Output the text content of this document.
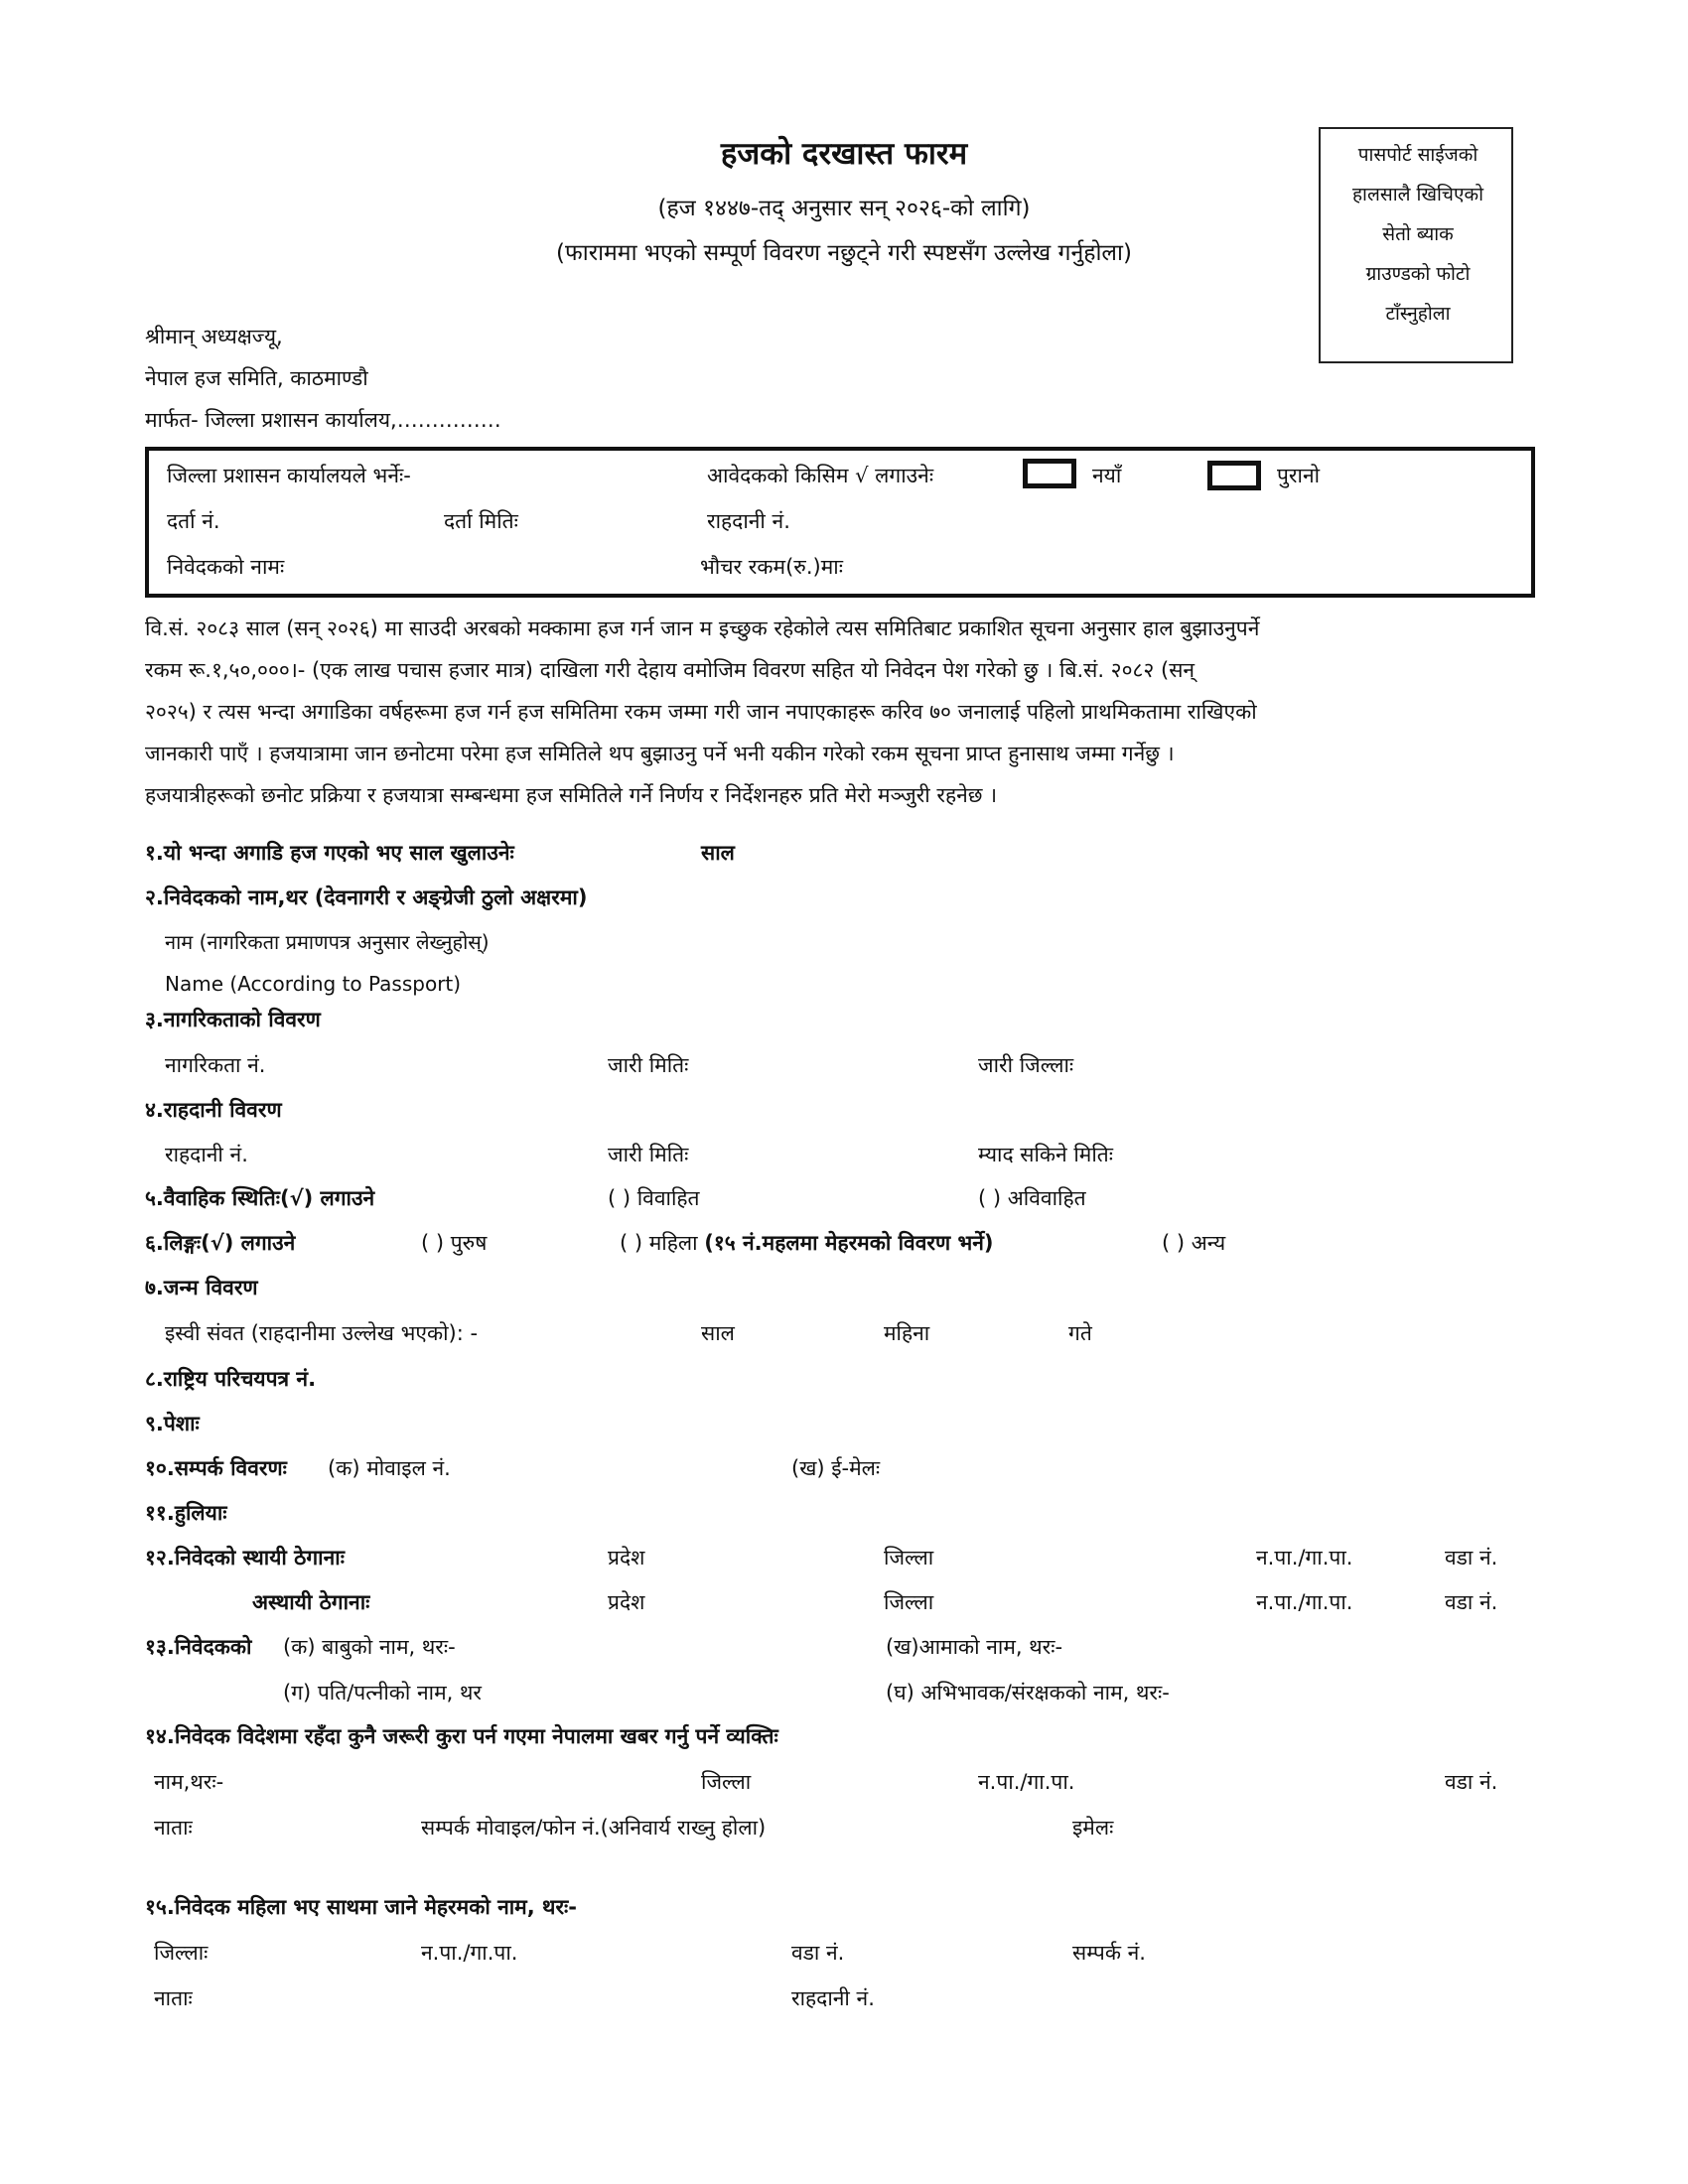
हजको दरखास्त फारम
(हज १४४७-तद् अनुसार सन् २०२६-को लागि)
(फाराममा भएको सम्पूर्ण विवरण नछुट्ने गरी स्पष्टसँग उल्लेख गर्नुहोला)
पासपोर्ट साईजको
हालसालै खिचिएको
सेतो ब्याक
ग्राउण्डको फोटो
टाँस्नुहोला
श्रीमान् अध्यक्षज्यू,
नेपाल हज समिति, काठमाण्डौ
मार्फत- जिल्ला प्रशासन कार्यालय,……………
जिल्ला प्रशासन कार्यालयले भर्नेः-	आवेदकको किसिम √ लगाउनेः	नयाँ	पुरानो
दर्ता नं.	दर्ता मितिः	राहदानी नं.
निवेदकको नामः	भौचर रकम(रु.)माः
वि.सं. २०८३ साल (सन् २०२६) मा साउदी अरबको मक्कामा हज गर्न जान म इच्छुक रहेकोले त्यस समितिबाट प्रकाशित सूचना अनुसार हाल बुझाउनुपर्ने
रकम रू.१,५०,०००।- (एक लाख पचास हजार मात्र) दाखिला गरी देहाय वमोजिम विवरण सहित यो निवेदन पेश गरेको छु । बि.सं. २०८२ (सन्
२०२५) र त्यस भन्दा अगाडिका वर्षहरूमा हज गर्न हज समितिमा रकम जम्मा गरी जान नपाएकाहरू करिव ७० जनालाई पहिलो प्राथमिकतामा राखिएको
जानकारी पाएँ । हजयात्रामा जान छनोटमा परेमा हज समितिले थप बुझाउनु पर्ने भनी यकीन गरेको रकम सूचना प्राप्त हुनासाथ जम्मा गर्नेछु ।
हजयात्रीहरूको छनोट प्रक्रिया र हजयात्रा सम्बन्धमा हज समितिले गर्ने निर्णय र निर्देशनहरु प्रति मेरो मञ्जुरी रहनेछ ।
१.यो भन्दा अगाडि हज गएको भए साल खुलाउनेः	साल
२.निवेदकको नाम,थर (देवनागरी र अङ्ग्रेजी ठुलो अक्षरमा)
नाम (नागरिकता प्रमाणपत्र अनुसार लेख्नुहोस्)
Name (According to Passport)
३.नागरिकताको विवरण
नागरिकता नं.	जारी मितिः	जारी जिल्लाः
४.राहदानी विवरण
राहदानी नं.	जारी मितिः	म्याद सकिने मितिः
५.वैवाहिक स्थितिः(√) लगाउने	( ) विवाहित	( ) अविवाहित
६.लिङ्गः(√) लगाउने	( ) पुरुष	( ) महिला (१५ नं.महलमा मेहरमको विवरण भर्ने)	( ) अन्य
७.जन्म विवरण
इस्वी संवत (राहदानीमा उल्लेख भएको): -	साल	महिना	गते
८.राष्ट्रिय परिचयपत्र नं.
९.पेशाः
१०.सम्पर्क विवरणः (क) मोवाइल नं.	(ख) ई-मेलः
११.हुलियाः
१२.निवेदको स्थायी ठेगानाः	प्रदेश	जिल्ला	न.पा./गा.पा.	वडा नं.
अस्थायी ठेगानाः	प्रदेश	जिल्ला	न.पा./गा.पा.	वडा नं.
१३.निवेदकको (क) बाबुको नाम, थरः-	(ख)आमाको नाम, थरः-
(ग) पति/पत्नीको नाम, थर	(घ) अभिभावक/संरक्षकको नाम, थरः-
१४.निवेदक विदेशमा रहँदा कुनै जरूरी कुरा पर्न गएमा नेपालमा खबर गर्नु पर्ने व्यक्तिः
नाम,थरः-	जिल्ला	न.पा./गा.पा.	वडा नं.
नाताः	सम्पर्क मोवाइल/फोन नं.(अनिवार्य राख्नु होला)	इमेलः
१५.निवेदक महिला भए साथमा जाने मेहरमको नाम, थरः-
जिल्लाः	न.पा./गा.पा.	वडा नं.	सम्पर्क नं.
नाताः	राहदानी नं.
